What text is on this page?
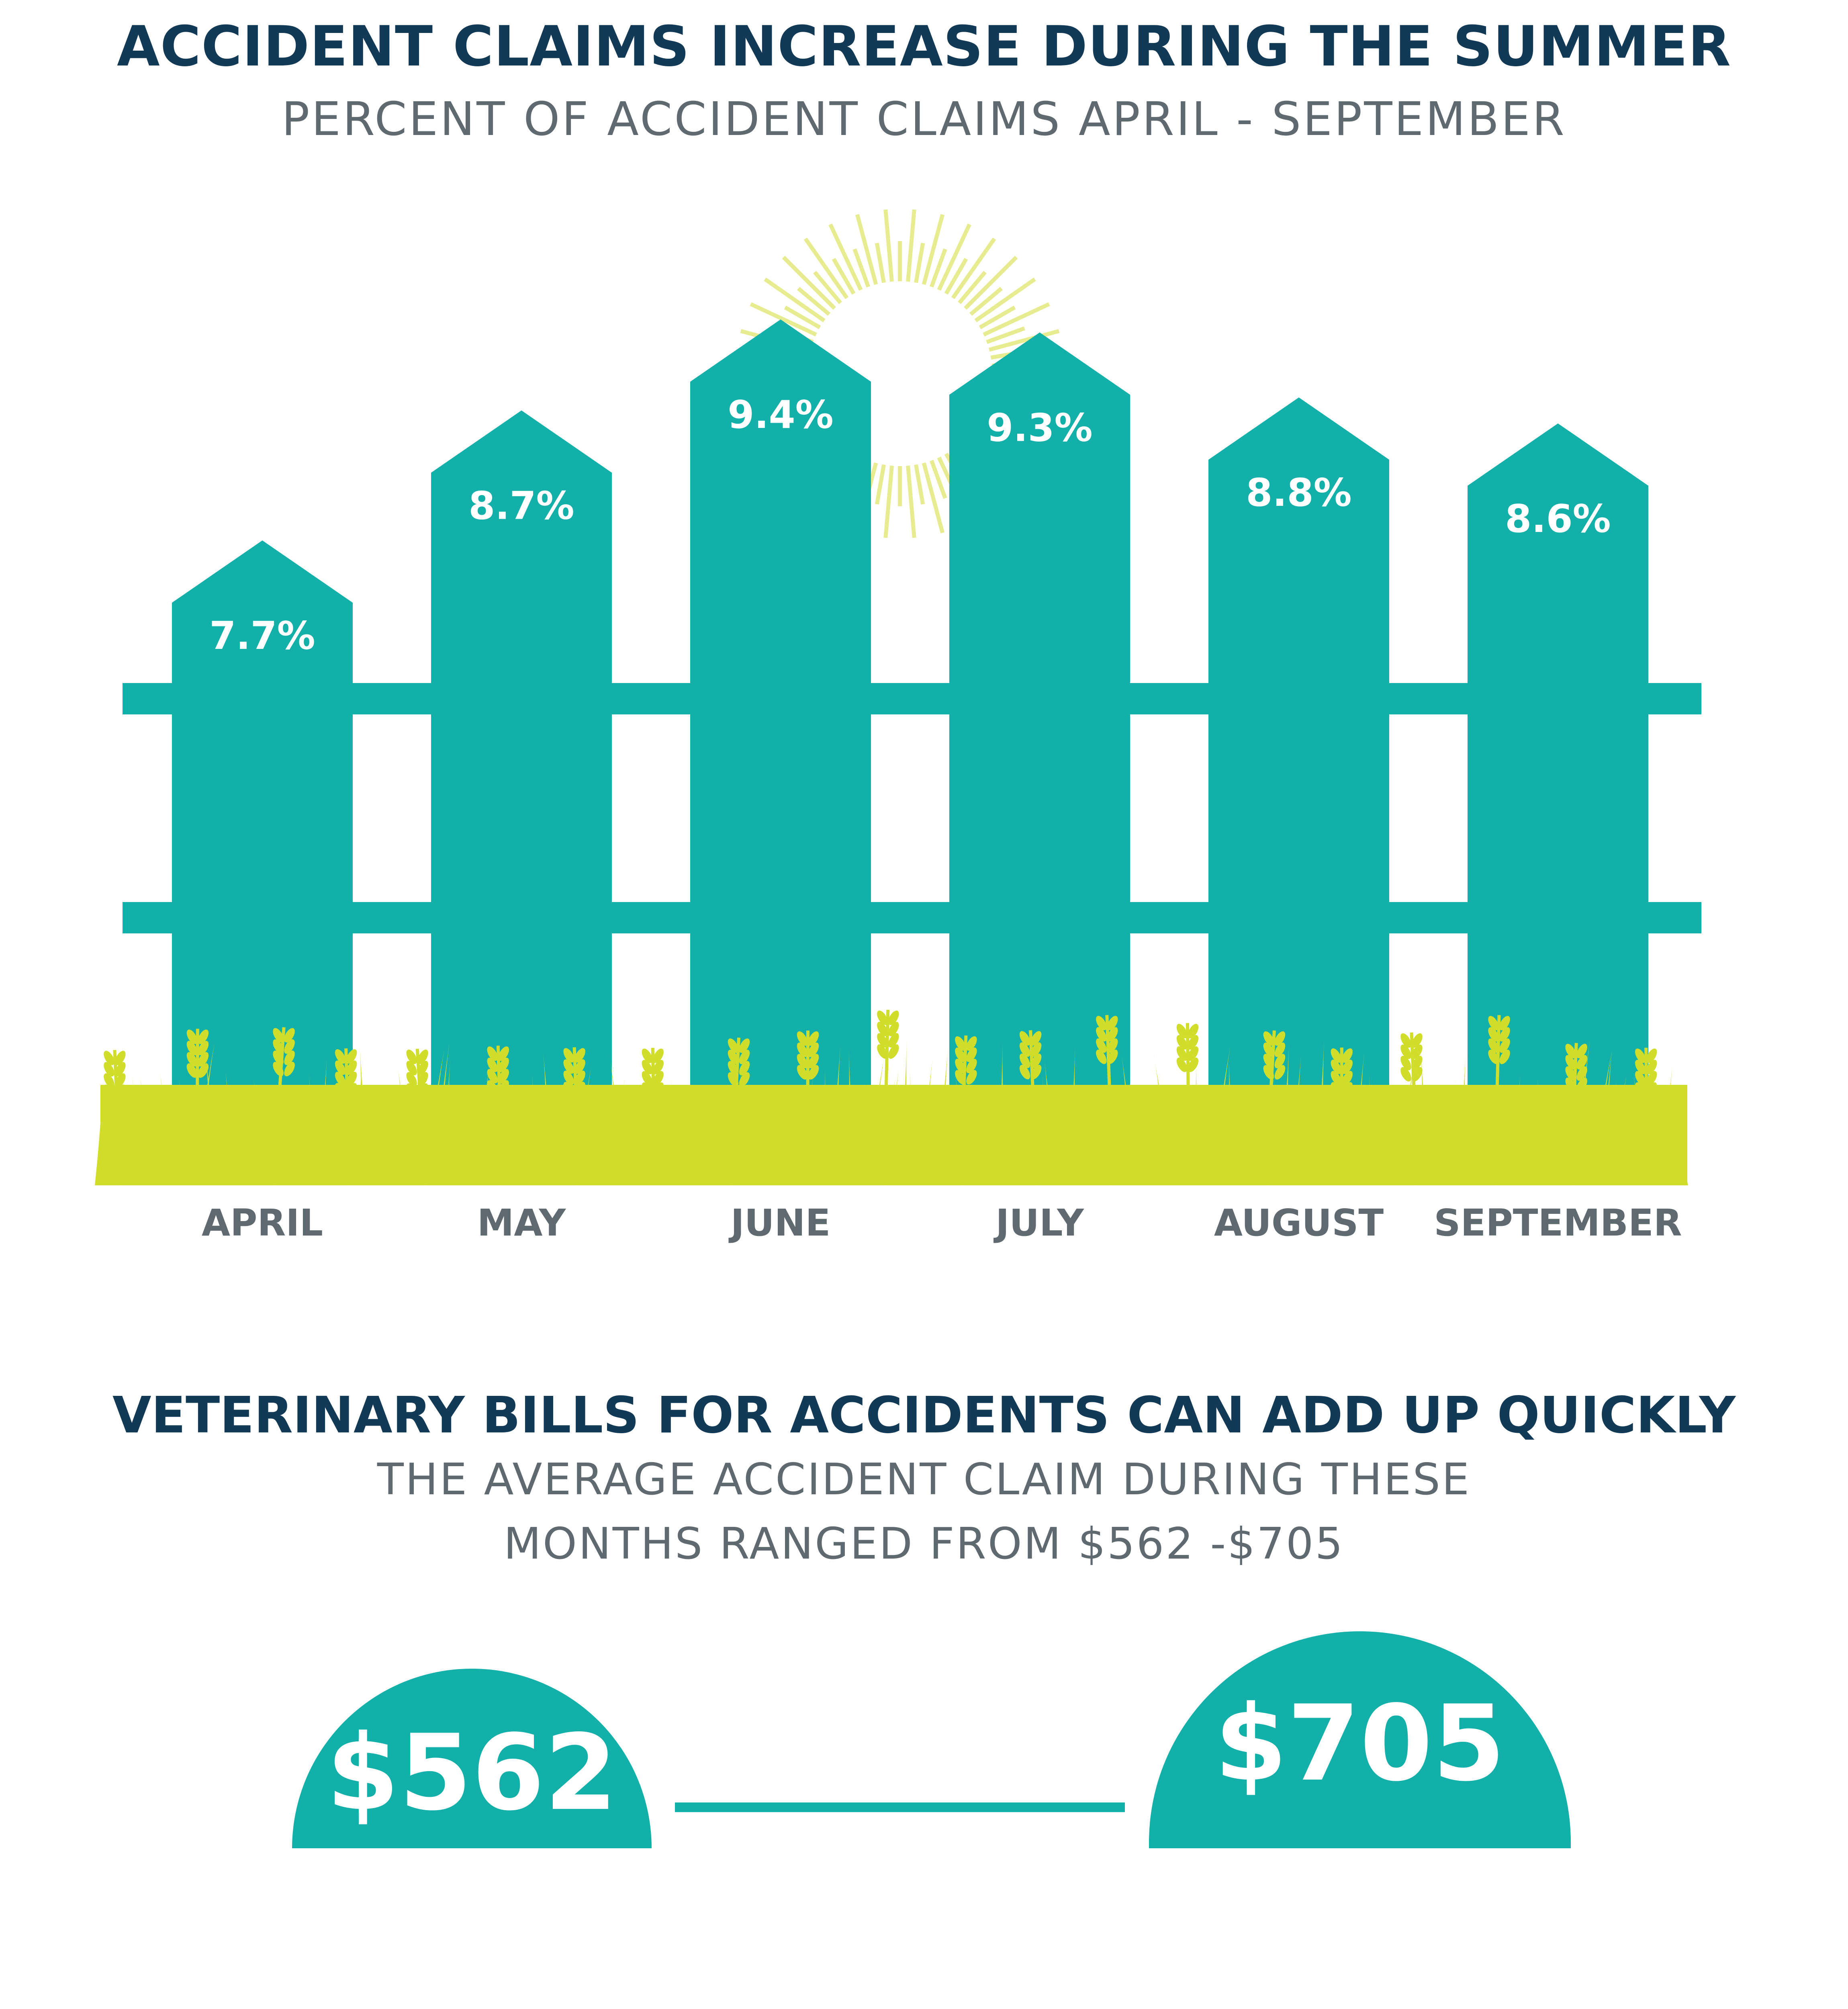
ACCIDENT CLAIMS INCREASE DURING THE SUMMER
PERCENT OF ACCIDENT CLAIMS APRIL - SEPTEMBER
7.7%
APRIL
8.7%
MAY
9.4%
JUNE
9.3%
JULY
8.8%
AUGUST
8.6%
SEPTEMBER
VETERINARY BILLS FOR ACCIDENTS CAN ADD UP QUICKLY
THE AVERAGE ACCIDENT CLAIM DURING THESE
MONTHS RANGED FROM $562 -$705
$562	$705
